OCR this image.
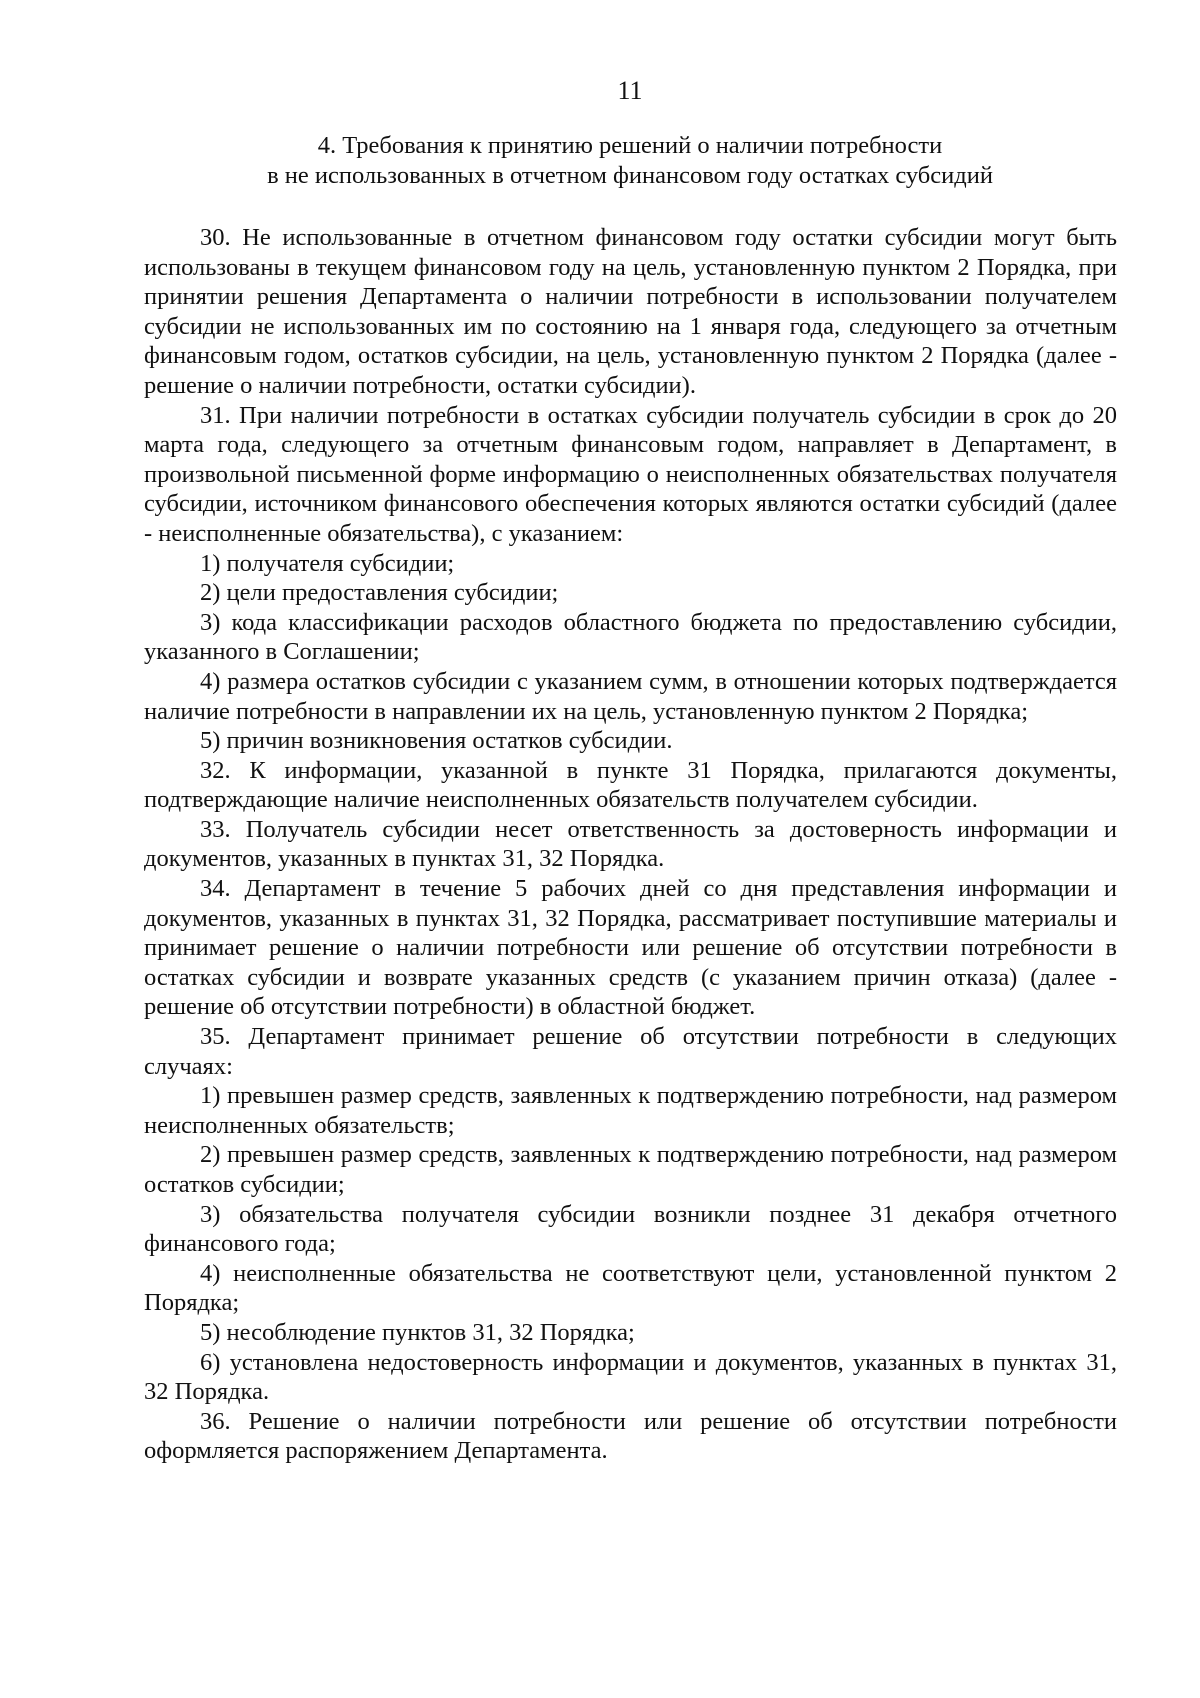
11
4. Требования к принятию решений о наличии потребности
в не использованных в отчетном финансовом году остатках субсидий

30. Не использованные в отчетном финансовом году остатки субсидии могут быть использованы в текущем финансовом году на цель, установленную пунктом 2 Порядка, при принятии решения Департамента о наличии потребности в использовании получателем субсидии не использованных им по состоянию на 1 января года, следующего за отчетным финансовым годом, остатков субсидии, на цель, установленную пунктом 2 Порядка (далее - решение о наличии потребности, остатки субсидии).

31. При наличии потребности в остатках субсидии получатель субсидии в срок до 20 марта года, следующего за отчетным финансовым годом, направляет в Департамент, в произвольной письменной форме информацию о неисполненных обязательствах получателя субсидии, источником финансового обеспечения которых являются остатки субсидий (далее - неисполненные обязательства), с указанием:

1) получателя субсидии;

2) цели предоставления субсидии;

3) кода классификации расходов областного бюджета по предоставлению субсидии, указанного в Соглашении;

4) размера остатков субсидии с указанием сумм, в отношении которых подтверждается наличие потребности в направлении их на цель, установленную пунктом 2 Порядка;

5) причин возникновения остатков субсидии.

32. К информации, указанной в пункте 31 Порядка, прилагаются документы, подтверждающие наличие неисполненных обязательств получателем субсидии.

33. Получатель субсидии несет ответственность за достоверность информации и документов, указанных в пунктах 31, 32 Порядка.

34. Департамент в течение 5 рабочих дней со дня представления информации и документов, указанных в пунктах 31, 32 Порядка, рассматривает поступившие материалы и принимает решение о наличии потребности или решение об отсутствии потребности в остатках субсидии и возврате указанных средств (с указанием причин отказа) (далее - решение об отсутствии потребности) в областной бюджет.

35. Департамент принимает решение об отсутствии потребности в следующих случаях:

1) превышен размер средств, заявленных к подтверждению потребности, над размером неисполненных обязательств;

2) превышен размер средств, заявленных к подтверждению потребности, над размером остатков субсидии;

3) обязательства получателя субсидии возникли позднее 31 декабря отчетного финансового года;

4) неисполненные обязательства не соответствуют цели, установленной пунктом 2 Порядка;

5) несоблюдение пунктов 31, 32 Порядка;

6) установлена недостоверность информации и документов, указанных в пунктах 31, 32 Порядка.

36. Решение о наличии потребности или решение об отсутствии потребности оформляется распоряжением Департамента.
